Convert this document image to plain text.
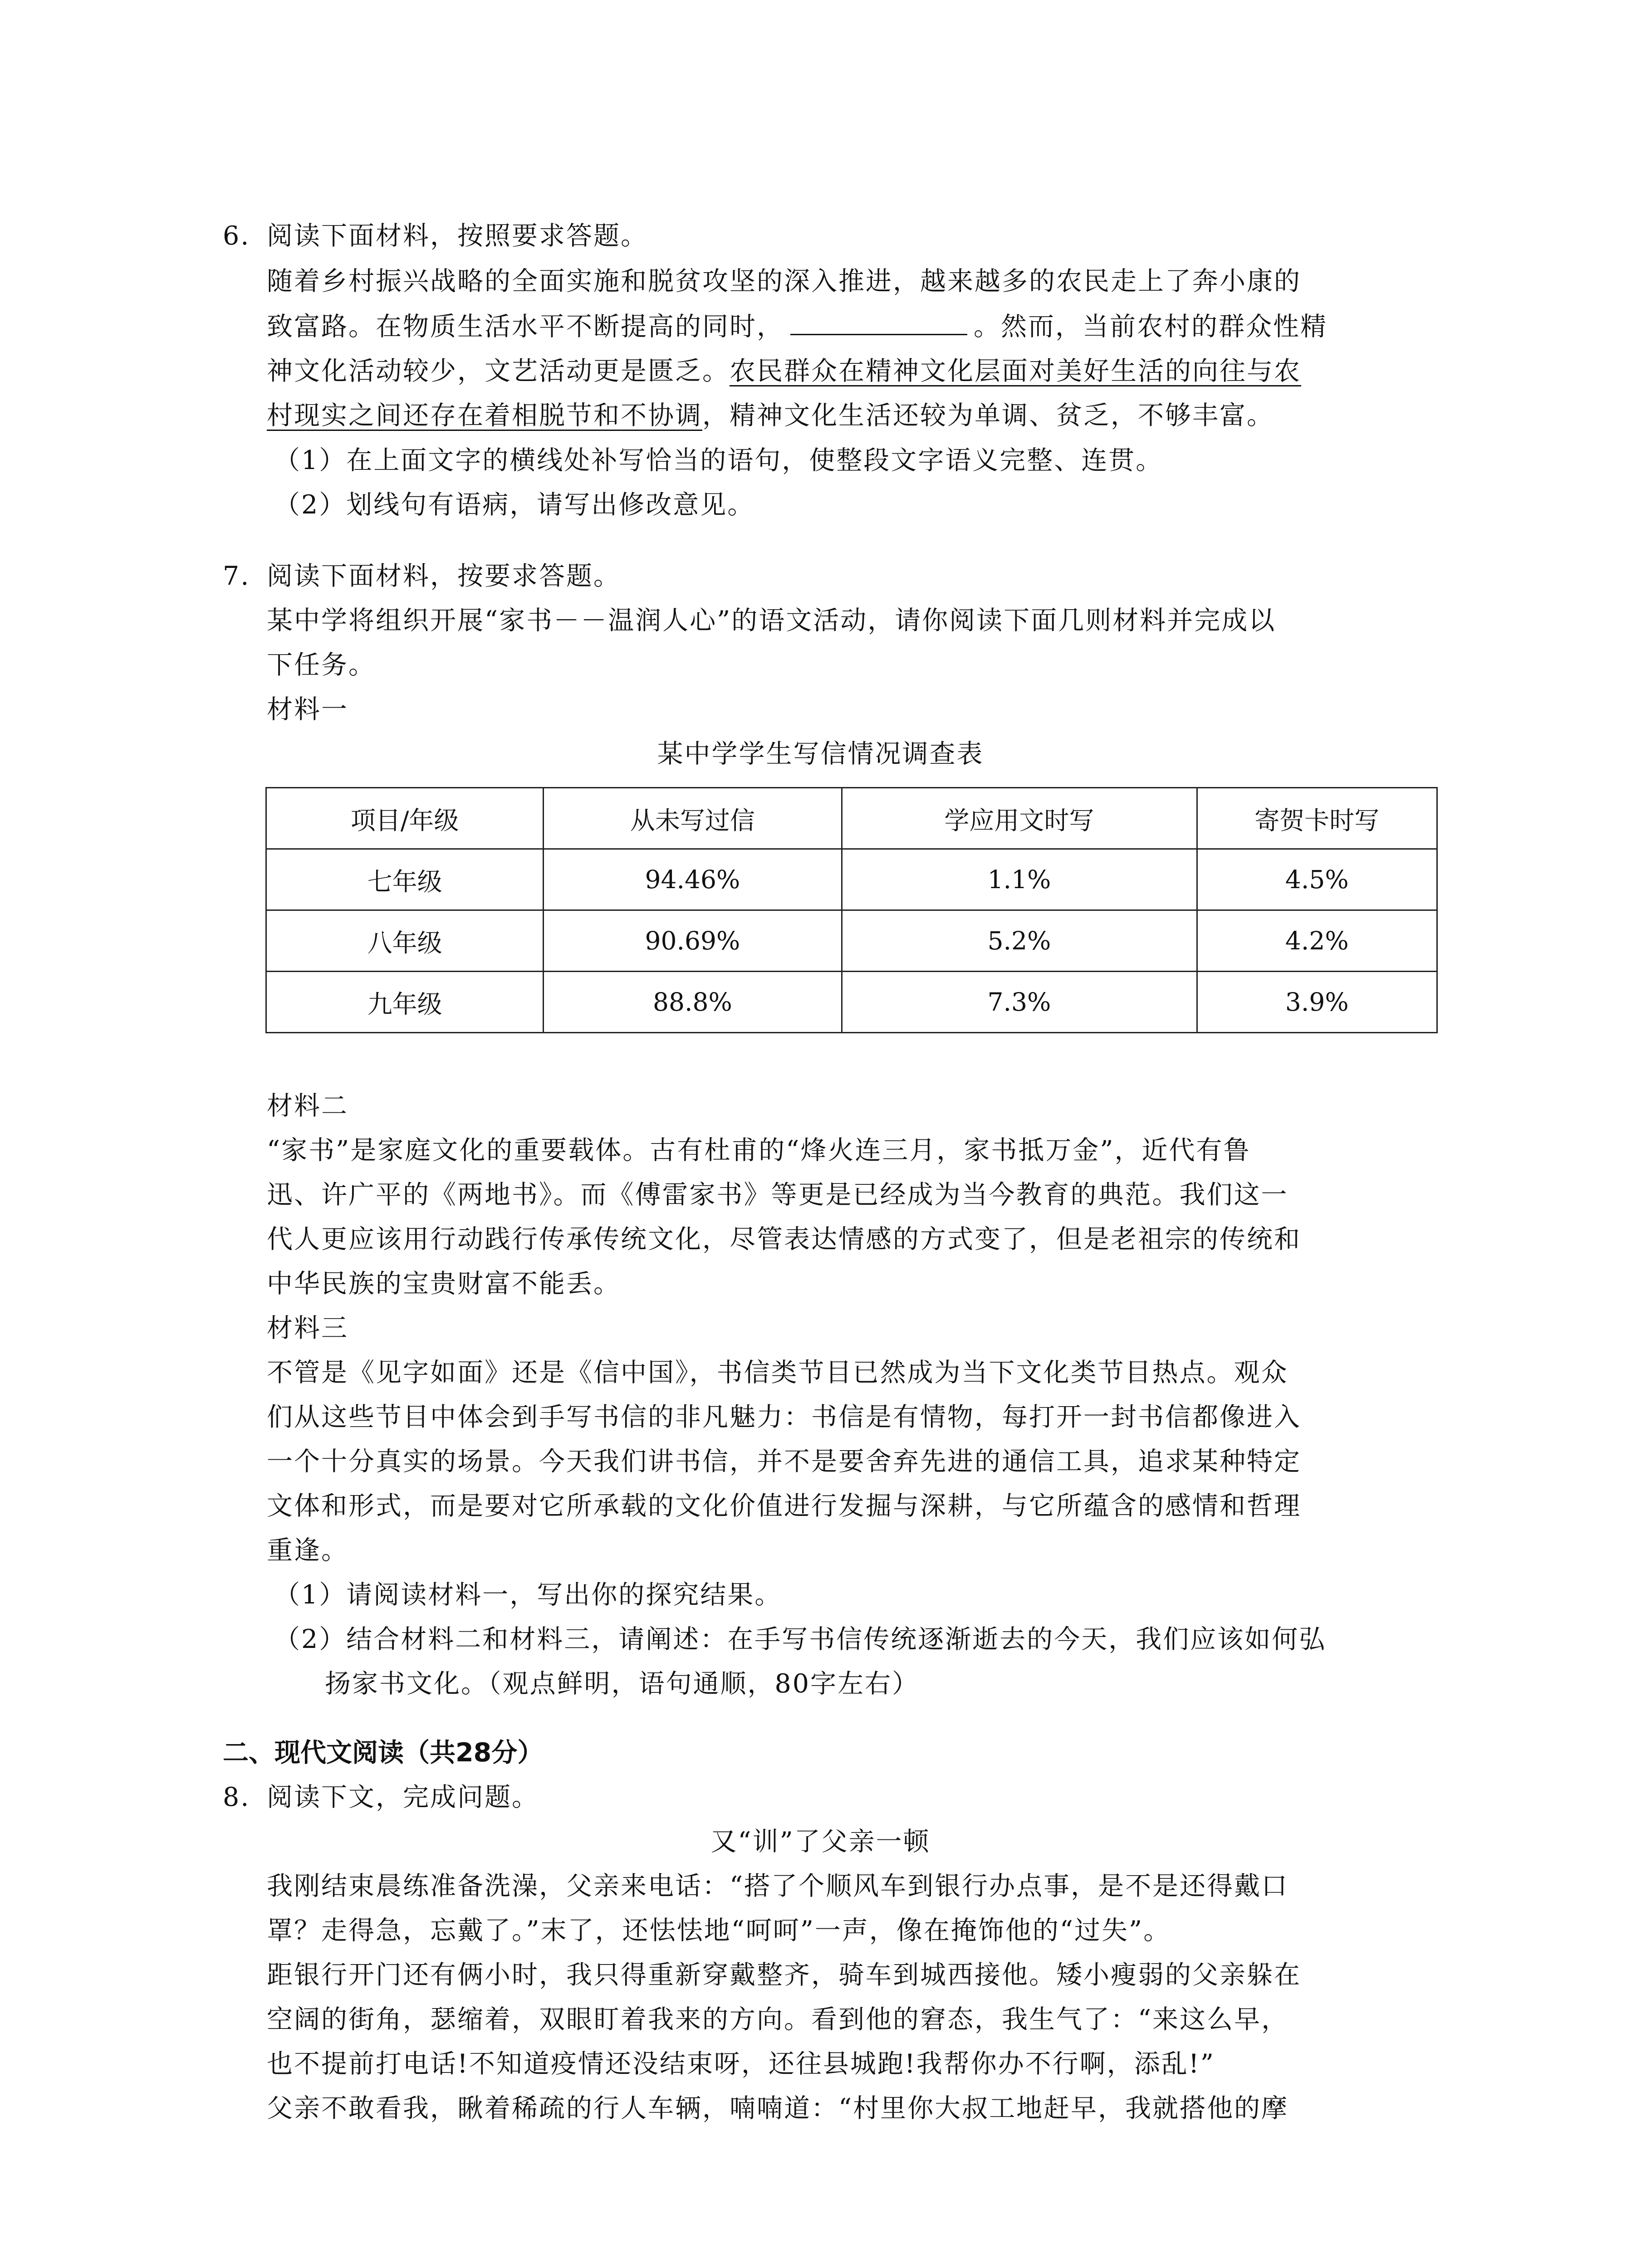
6. 阅读下面材料，按照要求答题。
随着乡村振兴战略的全面实施和脱贫攻坚的深入推进，越来越多的农民走上了奔小康的
致富路。在物质生活水平不断提高的同时，	。然而，当前农村的群众性精
神文化活动较少，文艺活动更是匮乏。农民群众在精神文化层面对美好生活的向往与农
村现实之间还存在着相脱节和不协调，精神文化生活还较为单调、贫乏，不够丰富。
（1）在上面文字的横线处补写恰当的语句，使整段文字语义完整、连贯。
（2）划线句有语病，请写出修改意见。
7. 阅读下面材料，按要求答题。
某中学将组织开展“家书－－温润人心”的语文活动，请你阅读下面几则材料并完成以
下任务。
材料一
某中学学生写信情况调查表
项目/年级	从未写过信	学应用文时写	寄贺卡时写
七年级	94.46%	1.1%	4.5%
八年级	90.69%	5.2%	4.2%
九年级	88.8%	7.3%	3.9%
材料二
“家书”是家庭文化的重要载体。古有杜甫的“烽火连三月，家书抵万金”，近代有鲁
迅、许广平的《两地书》。而《傅雷家书》等更是已经成为当今教育的典范。我们这一
代人更应该用行动践行传承传统文化，尽管表达情感的方式变了，但是老祖宗的传统和
中华民族的宝贵财富不能丢。
材料三
不管是《见字如面》还是《信中国》，书信类节目已然成为当下文化类节目热点。观众
们从这些节目中体会到手写书信的非凡魅力：书信是有情物，每打开一封书信都像进入
一个十分真实的场景。今天我们讲书信，并不是要舍弃先进的通信工具，追求某种特定
文体和形式，而是要对它所承载的文化价值进行发掘与深耕，与它所蕴含的感情和哲理
重逢。
（1）请阅读材料一，写出你的探究结果。
（2）结合材料二和材料三，请阐述：在手写书信传统逐渐逝去的今天，我们应该如何弘
扬家书文化。（观点鲜明，语句通顺，80字左右）
二、现代文阅读（共28分）
8. 阅读下文，完成问题。
又“训”了父亲一顿
我刚结束晨练准备洗澡，父亲来电话：“搭了个顺风车到银行办点事，是不是还得戴口
罩？走得急，忘戴了。”末了，还怯怯地“呵呵”一声，像在掩饰他的“过失”。
距银行开门还有俩小时，我只得重新穿戴整齐，骑车到城西接他。矮小瘦弱的父亲躲在
空阔的街角，瑟缩着，双眼盯着我来的方向。看到他的窘态，我生气了：“来这么早，
也不提前打电话!不知道疫情还没结束呀，还往县城跑!我帮你办不行啊，添乱!”
父亲不敢看我，瞅着稀疏的行人车辆，喃喃道：“村里你大叔工地赶早，我就搭他的摩
